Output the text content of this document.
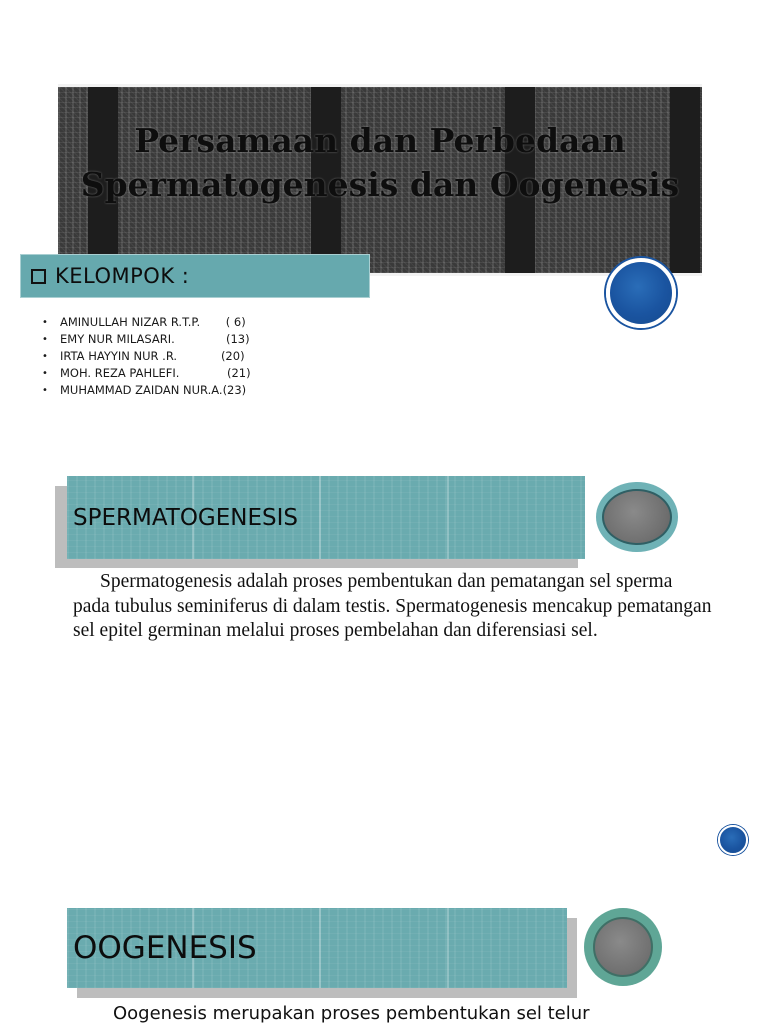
Persamaan dan Perbedaan Spermatogenesis dan Oogenesis
KELOMPOK :
• AMINULLAH NIZAR R.T.P.       ( 6)
• EMY NUR MILASARI.              (13)
• IRTA HAYYIN NUR .R.            (20)
• MOH. REZA PAHLEFI.             (21)
• MUHAMMAD ZAIDAN NUR.A.(23)
SPERMATOGENESIS

Spermatogenesis adalah proses pembentukan dan pematangan sel sperma pada tubulus seminiferus di dalam testis. Spermatogenesis mencakup pematangan sel epitel germinan melalui proses pembelahan dan diferensiasi sel.

OOGENESIS

Oogenesis merupakan proses pembentukan sel telur
